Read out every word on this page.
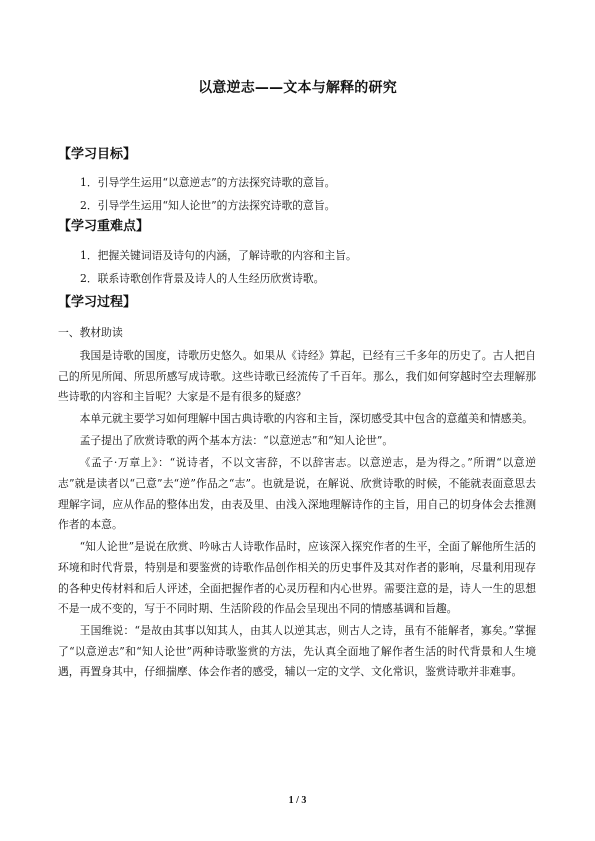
以意逆志——文本与解释的研究
【学习目标】
1．引导学生运用“以意逆志”的方法探究诗歌的意旨。
2．引导学生运用“知人论世”的方法探究诗歌的意旨。
【学习重难点】
1．把握关键词语及诗句的内涵，了解诗歌的内容和主旨。
2．联系诗歌创作背景及诗人的人生经历欣赏诗歌。
【学习过程】
一、教材助读

我国是诗歌的国度，诗歌历史悠久。如果从《诗经》算起，已经有三千多年的历史了。古人把自己的所见所闻、所思所感写成诗歌。这些诗歌已经流传了千百年。那么，我们如何穿越时空去理解那些诗歌的内容和主旨呢？大家是不是有很多的疑惑？

本单元就主要学习如何理解中国古典诗歌的内容和主旨，深切感受其中包含的意蕴美和情感美。

孟子提出了欣赏诗歌的两个基本方法：“以意逆志”和“知人论世”。

《孟子·万章上》：“说诗者，不以文害辞，不以辞害志。以意逆志，是为得之。”所谓“以意逆志”就是读者以“己意”去“逆”作品之“志”。也就是说，在解说、欣赏诗歌的时候，不能就表面意思去理解字词，应从作品的整体出发，由表及里、由浅入深地理解诗作的主旨，用自己的切身体会去推测作者的本意。

“知人论世”是说在欣赏、吟咏古人诗歌作品时，应该深入探究作者的生平，全面了解他所生活的环境和时代背景，特别是和要鉴赏的诗歌作品创作相关的历史事件及其对作者的影响，尽量利用现存的各种史传材料和后人评述，全面把握作者的心灵历程和内心世界。需要注意的是，诗人一生的思想不是一成不变的，写于不同时期、生活阶段的作品会呈现出不同的情感基调和旨趣。

王国维说：“是故由其事以知其人，由其人以逆其志，则古人之诗，虽有不能解者，寡矣。”掌握了“以意逆志”和“知人论世”两种诗歌鉴赏的方法，先认真全面地了解作者生活的时代背景和人生境遇，再置身其中，仔细揣摩、体会作者的感受，辅以一定的文学、文化常识，鉴赏诗歌并非难事。

1 / 3
